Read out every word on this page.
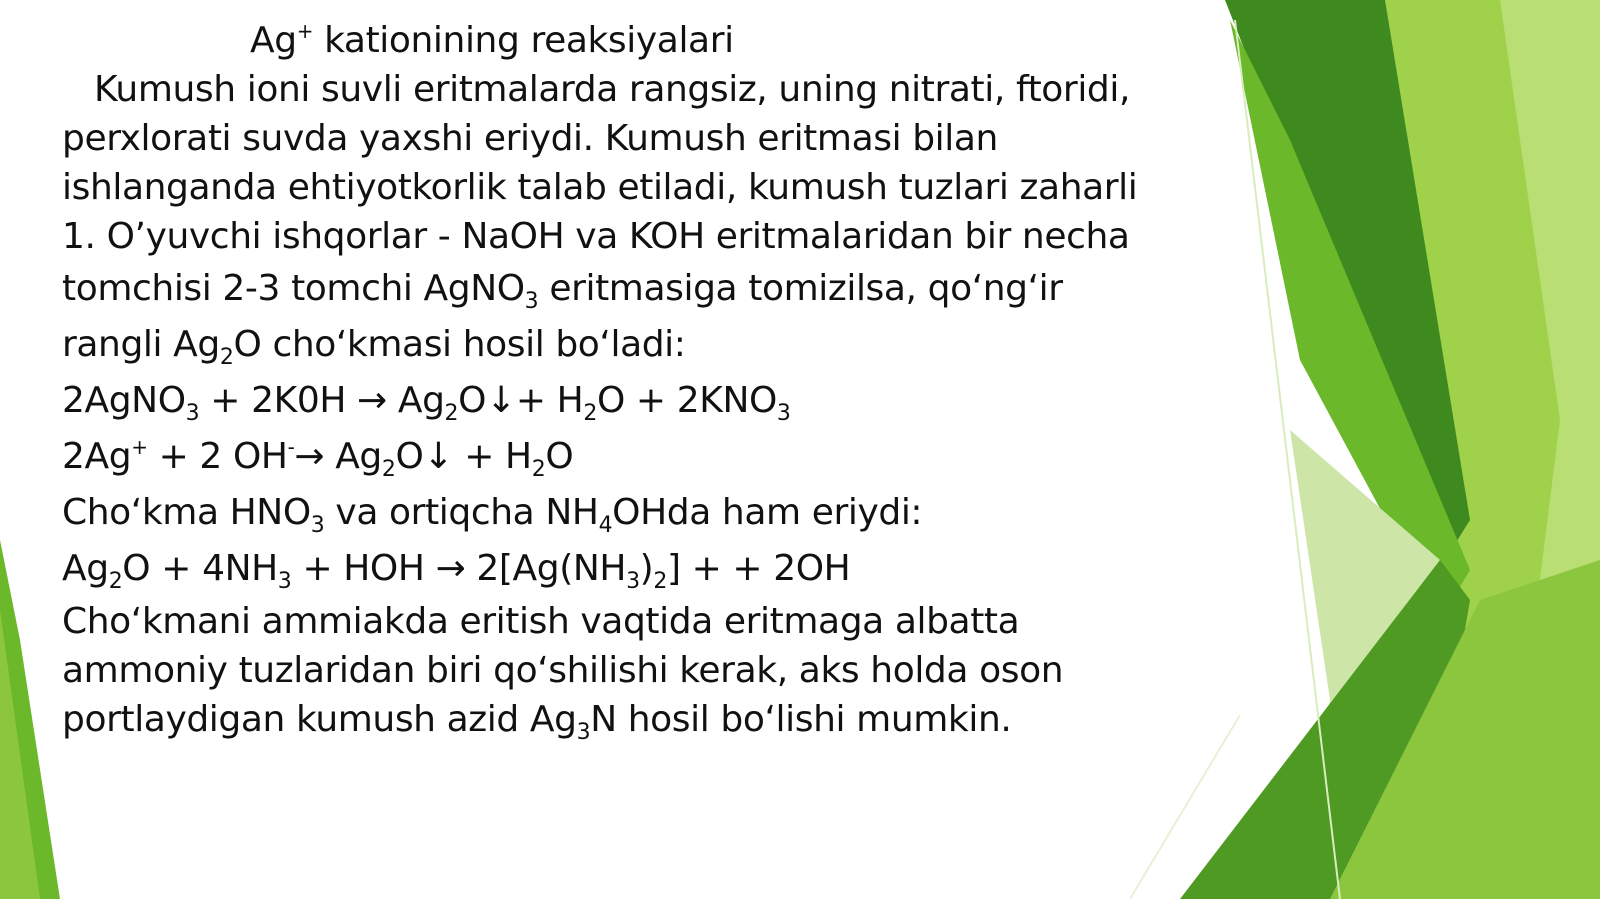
Ag+ kationining reaksiyalari
Kumush ioni suvli eritmalarda rangsiz, uning nitrati, ftoridi,
perxlorati suvda yaxshi eriydi. Kumush eritmasi bilan
ishlanganda ehtiyotkorlik talab etiladi, kumush tuzlari zaharli
1. O’yuvchi ishqorlar - NaOH va KOH eritmalaridan bir necha
tomchisi 2-3 tomchi AgNO$_3$ eritmasiga tomizilsa, qo‘ng‘ir
rangli $Ag_2O$ cho‘kmasi hosil bo‘ladi:
2AgNO$_3$ + $2K0H \to Ag_2O↓+ H_2O + 2KNO_3$
2Ag+ + 2 $OH^-\to Ag_2O↓ + H_2O$
Cho‘kma $HNO_3$ va ortiqcha $NH_4OHda$ ham eriydi:
$Ag_2O + 4NH_3$ + HOH → $2[Ag(NH_3)_2]$ + + 2OH
Cho‘kmani ammiakda eritish vaqtida eritmaga albatta
ammoniy tuzlaridan biri qo‘shilishi kerak, aks holda oson
portlaydigan kumush azid $Ag_3N$ hosil bo‘lishi mumkin.
